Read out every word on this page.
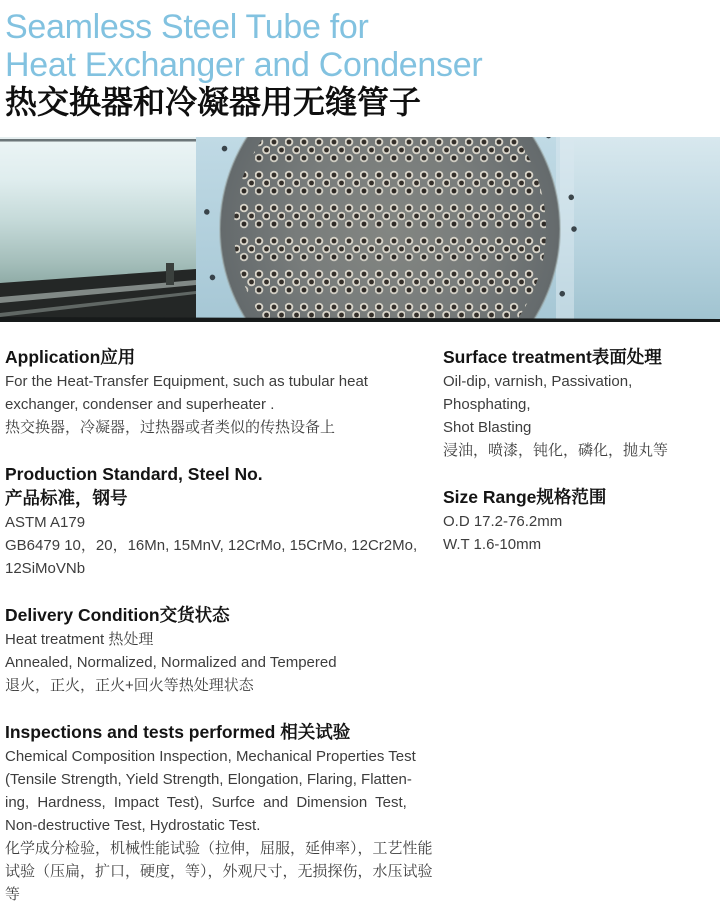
Seamless Steel Tube for
Heat Exchanger and Condenser
热交换器和冷凝器用无缝管子
Application应用
For the Heat-Transfer Equipment, such as tubular heat
exchanger, condenser and superheater .
热交换器，冷凝器，过热器或者类似的传热设备上
Production Standard, Steel No.
产品标准，钢号
ASTM A179
GB6479 10，20，16Mn, 15MnV, 12CrMo, 15CrMo, 12Cr2Mo,
12SiMoVNb
Delivery Condition交货状态
Heat treatment 热处理
Annealed, Normalized, Normalized and Tempered
退火，正火，正火+回火等热处理状态
Inspections and tests performed 相关试验
Chemical Composition Inspection, Mechanical Properties Test
(Tensile Strength, Yield Strength, Elongation, Flaring, Flatten-
ing, Hardness, Impact Test), Surfce and Dimension Test,
Non-destructive Test, Hydrostatic Test.
化学成分检验，机械性能试验（拉伸，屈服，延伸率），工艺性能
试验（压扁，扩口，硬度，等），外观尺寸，无损探伤，水压试验
等
Surface treatment表面处理
Oil-dip, varnish, Passivation, Phosphating,
Shot Blasting
浸油，喷漆，钝化，磷化，抛丸等
Size Range规格范围
O.D 17.2-76.2mm
W.T 1.6-10mm
